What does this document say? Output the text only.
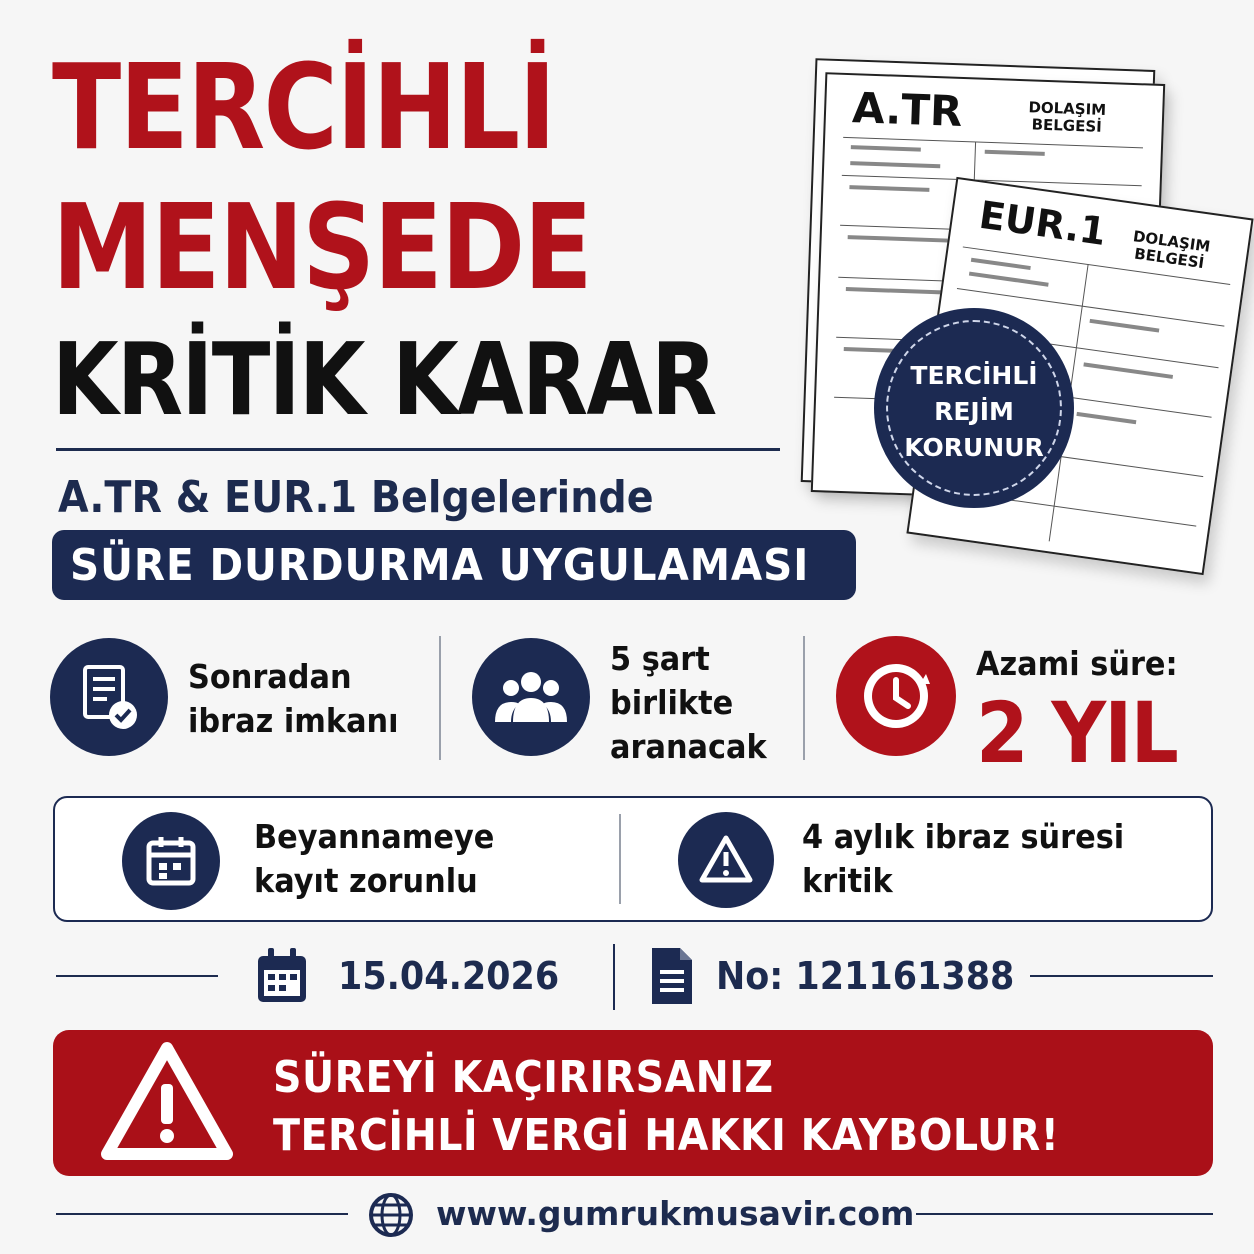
TERCİHLİ
MENŞEDE
KRİTİK KARAR
A.TR & EUR.1 Belgelerinde
SÜRE DURDURMA UYGULAMASI
A.TR	DOLAŞIM BELGESİ
EUR.1	DOLAŞIM BELGESİ
TERCİHLİ
REJİM
KORUNUR
Sonradan
ibraz imkanı
5 şart
birlikte
aranacak
Azami süre:
2 YIL
Beyannameye
kayıt zorunlu
4 aylık ibraz süresi
kritik
15.04.2026	No: 121161388
SÜREYİ KAÇIRIRSANIZ
TERCİHLİ VERGİ HAKKI KAYBOLUR!
www.gumrukmusavir.com
